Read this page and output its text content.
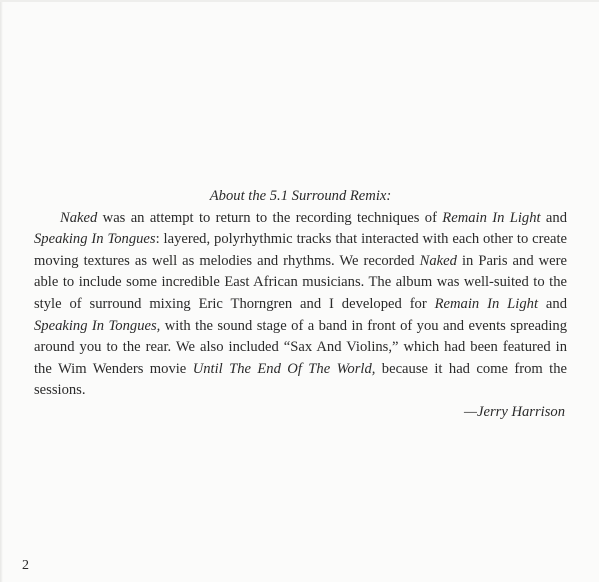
About the 5.1 Surround Remix:

Naked was an attempt to return to the recording techniques of Remain In Light and Speaking In Tongues: layered, polyrhythmic tracks that interacted with each other to create moving textures as well as melodies and rhythms. We recorded Naked in Paris and were able to include some incredible East African musicians. The album was well-suited to the style of surround mixing Eric Thorngren and I developed for Remain In Light and Speaking In Tongues, with the sound stage of a band in front of you and events spreading around you to the rear. We also included “Sax And Violins,” which had been featured in the Wim Wenders movie Until The End Of The World, because it had come from the sessions.

—Jerry Harrison

2
